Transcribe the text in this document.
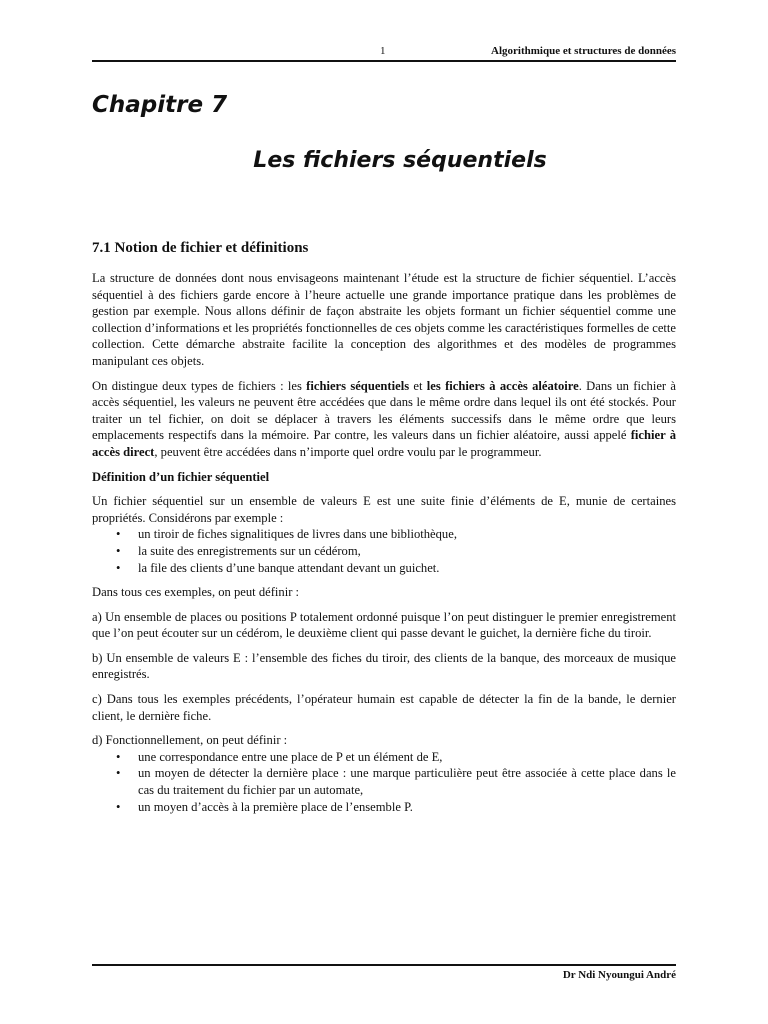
1	Algorithmique et structures de données
Chapitre 7
Les fichiers séquentiels
7.1 Notion de fichier et définitions

La structure de données dont nous envisageons maintenant l’étude est la structure de fichier séquentiel. L’accès séquentiel à des fichiers garde encore à l’heure actuelle une grande importance pratique dans les problèmes de gestion par exemple. Nous allons définir de façon abstraite les objets formant un fichier séquentiel comme une collection d’informations et les propriétés fonctionnelles de ces objets comme les caractéristiques formelles de cette collection. Cette démarche abstraite facilite la conception des algorithmes et des modèles de programmes manipulant ces objets.

On distingue deux types de fichiers : les fichiers séquentiels et les fichiers à accès aléatoire. Dans un fichier à accès séquentiel, les valeurs ne peuvent être accédées que dans le même ordre dans lequel ils ont été stockés. Pour traiter un tel fichier, on doit se déplacer à travers les éléments successifs dans le même ordre que leurs emplacements respectifs dans la mémoire. Par contre, les valeurs dans un fichier aléatoire, aussi appelé fichier à accès direct, peuvent être accédées dans n’importe quel ordre voulu par le programmeur.

Définition d’un fichier séquentiel

Un fichier séquentiel sur un ensemble de valeurs E est une suite finie d’éléments de E, munie de certaines propriétés. Considérons par exemple :

• un tiroir de fiches signalitiques de livres dans une bibliothèque,
• la suite des enregistrements sur un cédérom,
• la file des clients d’une banque attendant devant un guichet.

Dans tous ces exemples, on peut définir :

a) Un ensemble de places ou positions P totalement ordonné puisque l’on peut distinguer le premier enregistrement que l’on peut écouter sur un cédérom, le deuxième client qui passe devant le guichet, la dernière fiche du tiroir.

b) Un ensemble de valeurs E : l’ensemble des fiches du tiroir, des clients de la banque, des morceaux de musique enregistrés.

c) Dans tous les exemples précédents, l’opérateur humain est capable de détecter la fin de la bande, le dernier client, le dernière fiche.

d) Fonctionnellement, on peut définir :

• une correspondance entre une place de P et un élément de E,
• un moyen de détecter la dernière place : une marque particulière peut être associée à cette place dans le cas du traitement du fichier par un automate,
• un moyen d’accès à la première place de l’ensemble P.
Dr Ndi Nyoungui André
